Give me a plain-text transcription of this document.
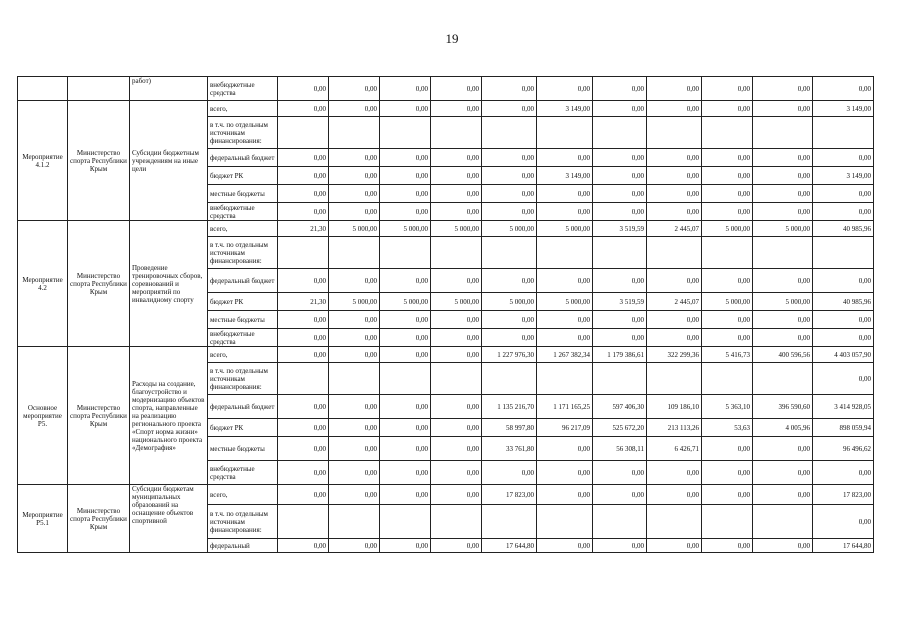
19
		работ)	внебюджетные средства	0,00	0,00	0,00	0,00	0,00	0,00	0,00	0,00	0,00	0,00	0,00	
Мероприятие 4.1.2	Министерство спорта Республики Крым	Субсидии бюджетным учреждениям на иные цели	всего,	0,00	0,00	0,00	0,00	0,00	3 149,00	0,00	0,00	0,00	0,00	3 149,00	
			в т.ч. по отдельным источникам финансирования:												
			федеральный бюджет	0,00	0,00	0,00	0,00	0,00	0,00	0,00	0,00	0,00	0,00	0,00	
			бюджет РК	0,00	0,00	0,00	0,00	0,00	3 149,00	0,00	0,00	0,00	0,00	3 149,00	
			местные бюджеты	0,00	0,00	0,00	0,00	0,00	0,00	0,00	0,00	0,00	0,00	0,00	
			внебюджетные средства	0,00	0,00	0,00	0,00	0,00	0,00	0,00	0,00	0,00	0,00	0,00	
Мероприятие 4.2	Министерство спорта Республики Крым	Проведение тренировочных сборов, соревнований и мероприятий по инвалидному спорту	всего,	21,30	5 000,00	5 000,00	5 000,00	5 000,00	5 000,00	3 519,59	2 445,07	5 000,00	5 000,00	40 985,96	
			в т.ч. по отдельным источникам финансирования:												
			федеральный бюджет	0,00	0,00	0,00	0,00	0,00	0,00	0,00	0,00	0,00	0,00	0,00	
			бюджет РК	21,30	5 000,00	5 000,00	5 000,00	5 000,00	5 000,00	3 519,59	2 445,07	5 000,00	5 000,00	40 985,96	
			местные бюджеты	0,00	0,00	0,00	0,00	0,00	0,00	0,00	0,00	0,00	0,00	0,00	
			внебюджетные средства	0,00	0,00	0,00	0,00	0,00	0,00	0,00	0,00	0,00	0,00	0,00	
Основное мероприятие Р5.	Министерство спорта Республики Крым	Расходы на создание, благоустройство и модернизацию объектов спорта, направленные на реализацию регионального проекта «Спорт норма жизни» национального проекта «Демография»	всего,	0,00	0,00	0,00	0,00	1 227 976,30	1 267 382,34	1 179 386,61	322 299,36	5 416,73	400 596,56	4 403 057,90	
			в т.ч. по отдельным источникам финансирования:											0,00	
			федеральный бюджет	0,00	0,00	0,00	0,00	1 135 216,70	1 171 165,25	597 406,30	109 186,10	5 363,10	396 590,60	3 414 928,05	
			бюджет РК	0,00	0,00	0,00	0,00	58 997,80	96 217,09	525 672,20	213 113,26	53,63	4 005,96	898 059,94	
			местные бюджеты	0,00	0,00	0,00	0,00	33 761,80	0,00	56 308,11	6 426,71	0,00	0,00	96 496,62	
			внебюджетные средства	0,00	0,00	0,00	0,00	0,00	0,00	0,00	0,00	0,00	0,00	0,00	
Мероприятие Р5.1	Министерство спорта Республики Крым	Субсидии бюджетам муниципальных образований на оснащение объектов спортивной	всего,	0,00	0,00	0,00	0,00	17 823,00	0,00	0,00	0,00	0,00	0,00	17 823,00	
			в т.ч. по отдельным источникам финансирования:											0,00	
			федеральный	0,00	0,00	0,00	0,00	17 644,80	0,00	0,00	0,00	0,00	0,00	17 644,80	
